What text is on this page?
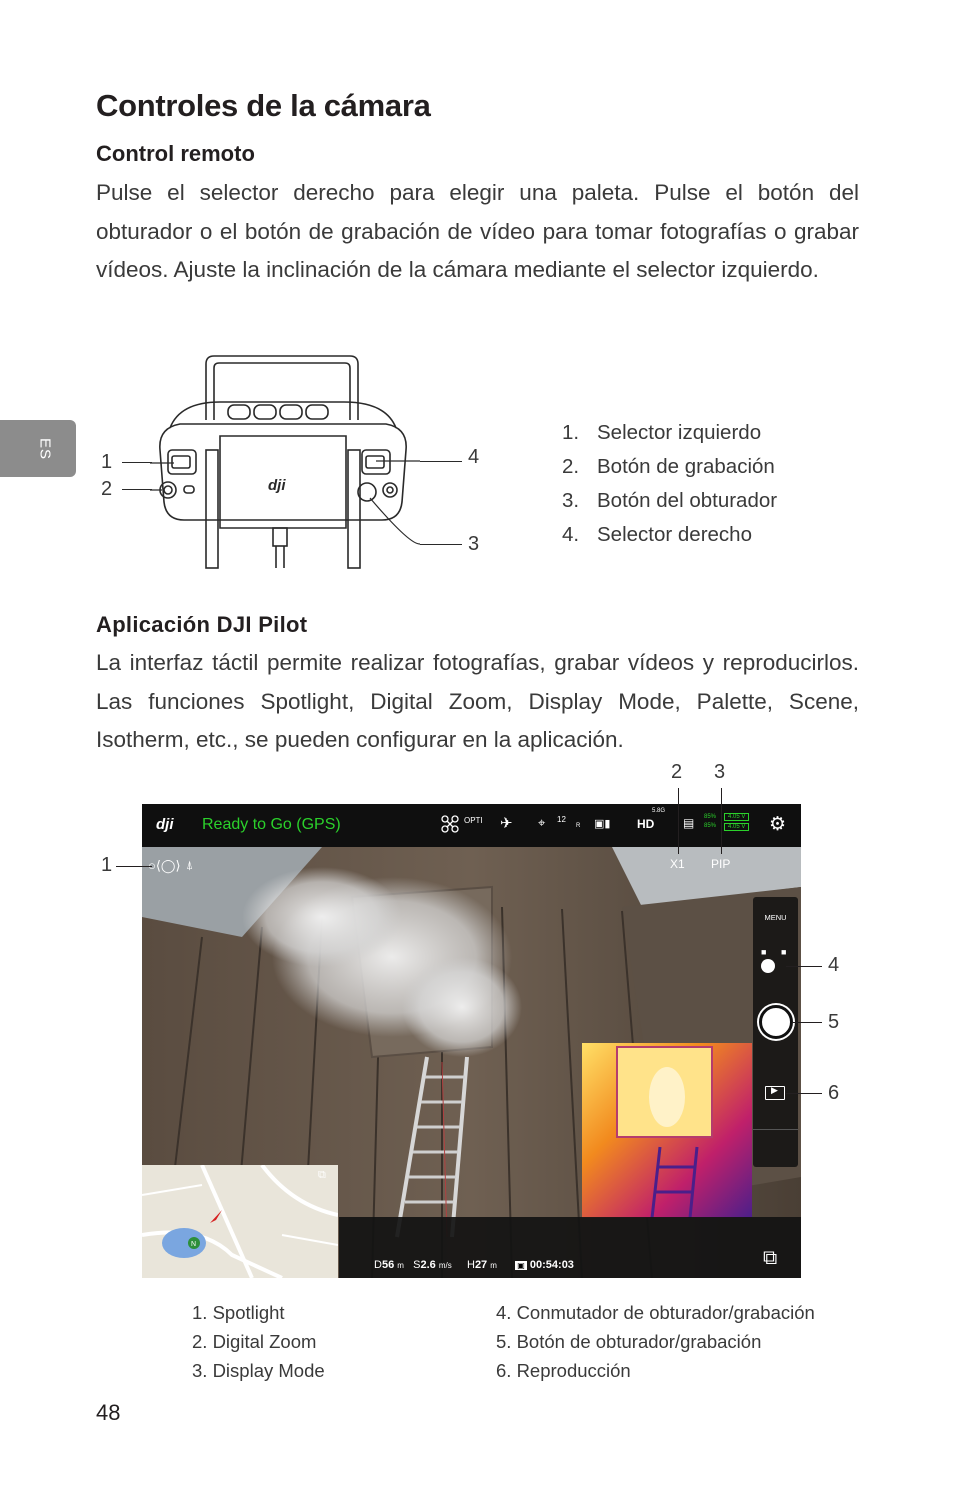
Controles de la cámara
ES
Control remoto

Pulse el selector derecho para elegir una paleta. Pulse el botón del obturador o el botón de grabación de vídeo para tomar fotografías o grabar vídeos. Ajuste la inclinación de la cámara mediante el selector izquierdo.

dji
1
2
3
4
1. Selector izquierdo
2. Botón de grabación
3. Botón del obturador
4. Selector derecho
Aplicación DJI Pilot

La interfaz táctil permite realizar fotografías, grabar vídeos y reproducirlos. Las funciones Spotlight, Digital Zoom, Display Mode, Palette, Scene, Isotherm, etc., se pueden configurar en la aplicación.

dji Ready to Go (GPS)	OPTI ✈ ⌖ 12
R ▣▮
5.8G
HD ▤ 85%
85%
4.05 V
4.05 V ⚙
○⟨◯⟩ ⍋	X1 PIP
MENU
■ ■
▶
N
⧉
D56 m S2.6 m/s H27 m	▣ 00:54:03	⧉
1
2 3
4
5
6
1. Spotlight
2. Digital Zoom
3. Display Mode
4. Conmutador de obturador/grabación
5. Botón de obturador/grabación
6. Reproducción
48
